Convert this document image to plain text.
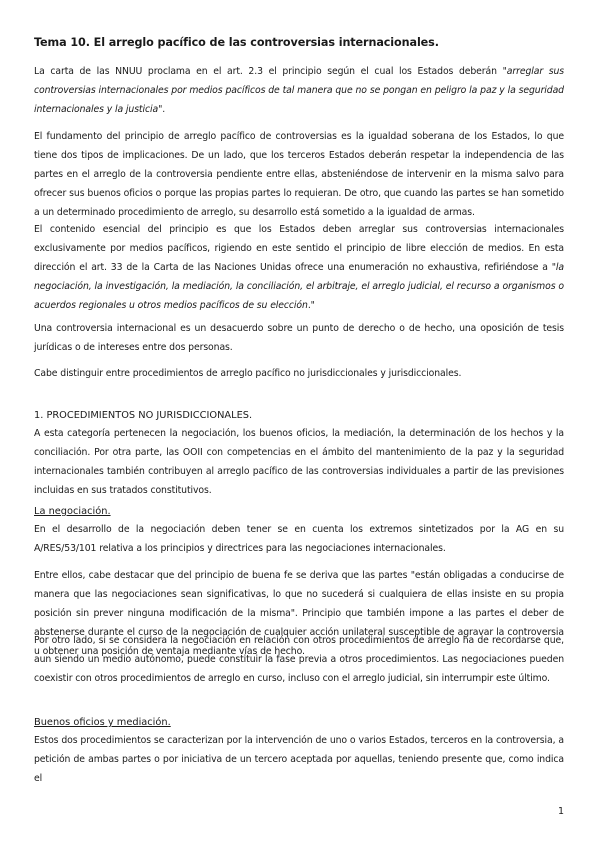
Tema 10. El arreglo pacífico de las controversias internacionales.
La carta de las NNUU proclama en el art. 2.3 el principio según el cual los Estados deberán "arreglar sus controversias internacionales por medios pacíficos de tal manera que no se pongan en peligro la paz y la seguridad internacionales y la justicia".
El fundamento del principio de arreglo pacífico de controversias es la igualdad soberana de los Estados, lo que tiene dos tipos de implicaciones. De un lado, que los terceros Estados deberán respetar la independencia de las partes en el arreglo de la controversia pendiente entre ellas, absteniéndose de intervenir en la misma salvo para ofrecer sus buenos oficios o porque las propias partes lo requieran. De otro, que cuando las partes se han sometido a un determinado procedimiento de arreglo, su desarrollo está sometido a la igualdad de armas.
El contenido esencial del principio es que los Estados deben arreglar sus controversias internacionales exclusivamente por medios pacíficos, rigiendo en este sentido el principio de libre elección de medios. En esta dirección el art. 33 de la Carta de las Naciones Unidas ofrece una enumeración no exhaustiva, refiriéndose a "la negociación, la investigación, la mediación, la conciliación, el arbitraje, el arreglo judicial, el recurso a organismos o acuerdos regionales u otros medios pacíficos de su elección."
Una controversia internacional es un desacuerdo sobre un punto de derecho o de hecho, una oposición de tesis jurídicas o de intereses entre dos personas.
Cabe distinguir entre procedimientos de arreglo pacífico no jurisdiccionales y jurisdiccionales.
1. PROCEDIMIENTOS NO JURISDICCIONALES.
A esta categoría pertenecen la negociación, los buenos oficios, la mediación, la determinación de los hechos y la conciliación. Por otra parte, las OOII con competencias en el ámbito del mantenimiento de la paz y la seguridad internacionales también contribuyen al arreglo pacífico de las controversias individuales a partir de las previsiones incluidas en sus tratados constitutivos.
La negociación.
En el desarrollo de la negociación deben tener se en cuenta los extremos sintetizados por la AG en su A/RES/53/101 relativa a los principios y directrices para las negociaciones internacionales.
Entre ellos, cabe destacar que del principio de buena fe se deriva que las partes "están obligadas a conducirse de manera que las negociaciones sean significativas, lo que no sucederá si cualquiera de ellas insiste en su propia posición sin prever ninguna modificación de la misma". Principio que también impone a las partes el deber de abstenerse durante el curso de la negociación de cualquier acción unilateral susceptible de agravar la controversia u obtener una posición de ventaja mediante vías de hecho.
Por otro lado, si se considera la negociación en relación con otros procedimientos de arreglo ha de recordarse que, aun siendo un medio autónomo, puede constituir la fase previa a otros procedimientos. Las negociaciones pueden coexistir con otros procedimientos de arreglo en curso, incluso con el arreglo judicial, sin interrumpir este último.
Buenos oficios y mediación.
Estos dos procedimientos se caracterizan por la intervención de uno o varios Estados, terceros en la controversia, a petición de ambas partes o por iniciativa de un tercero aceptada por aquellas, teniendo presente que, como indica el
1
